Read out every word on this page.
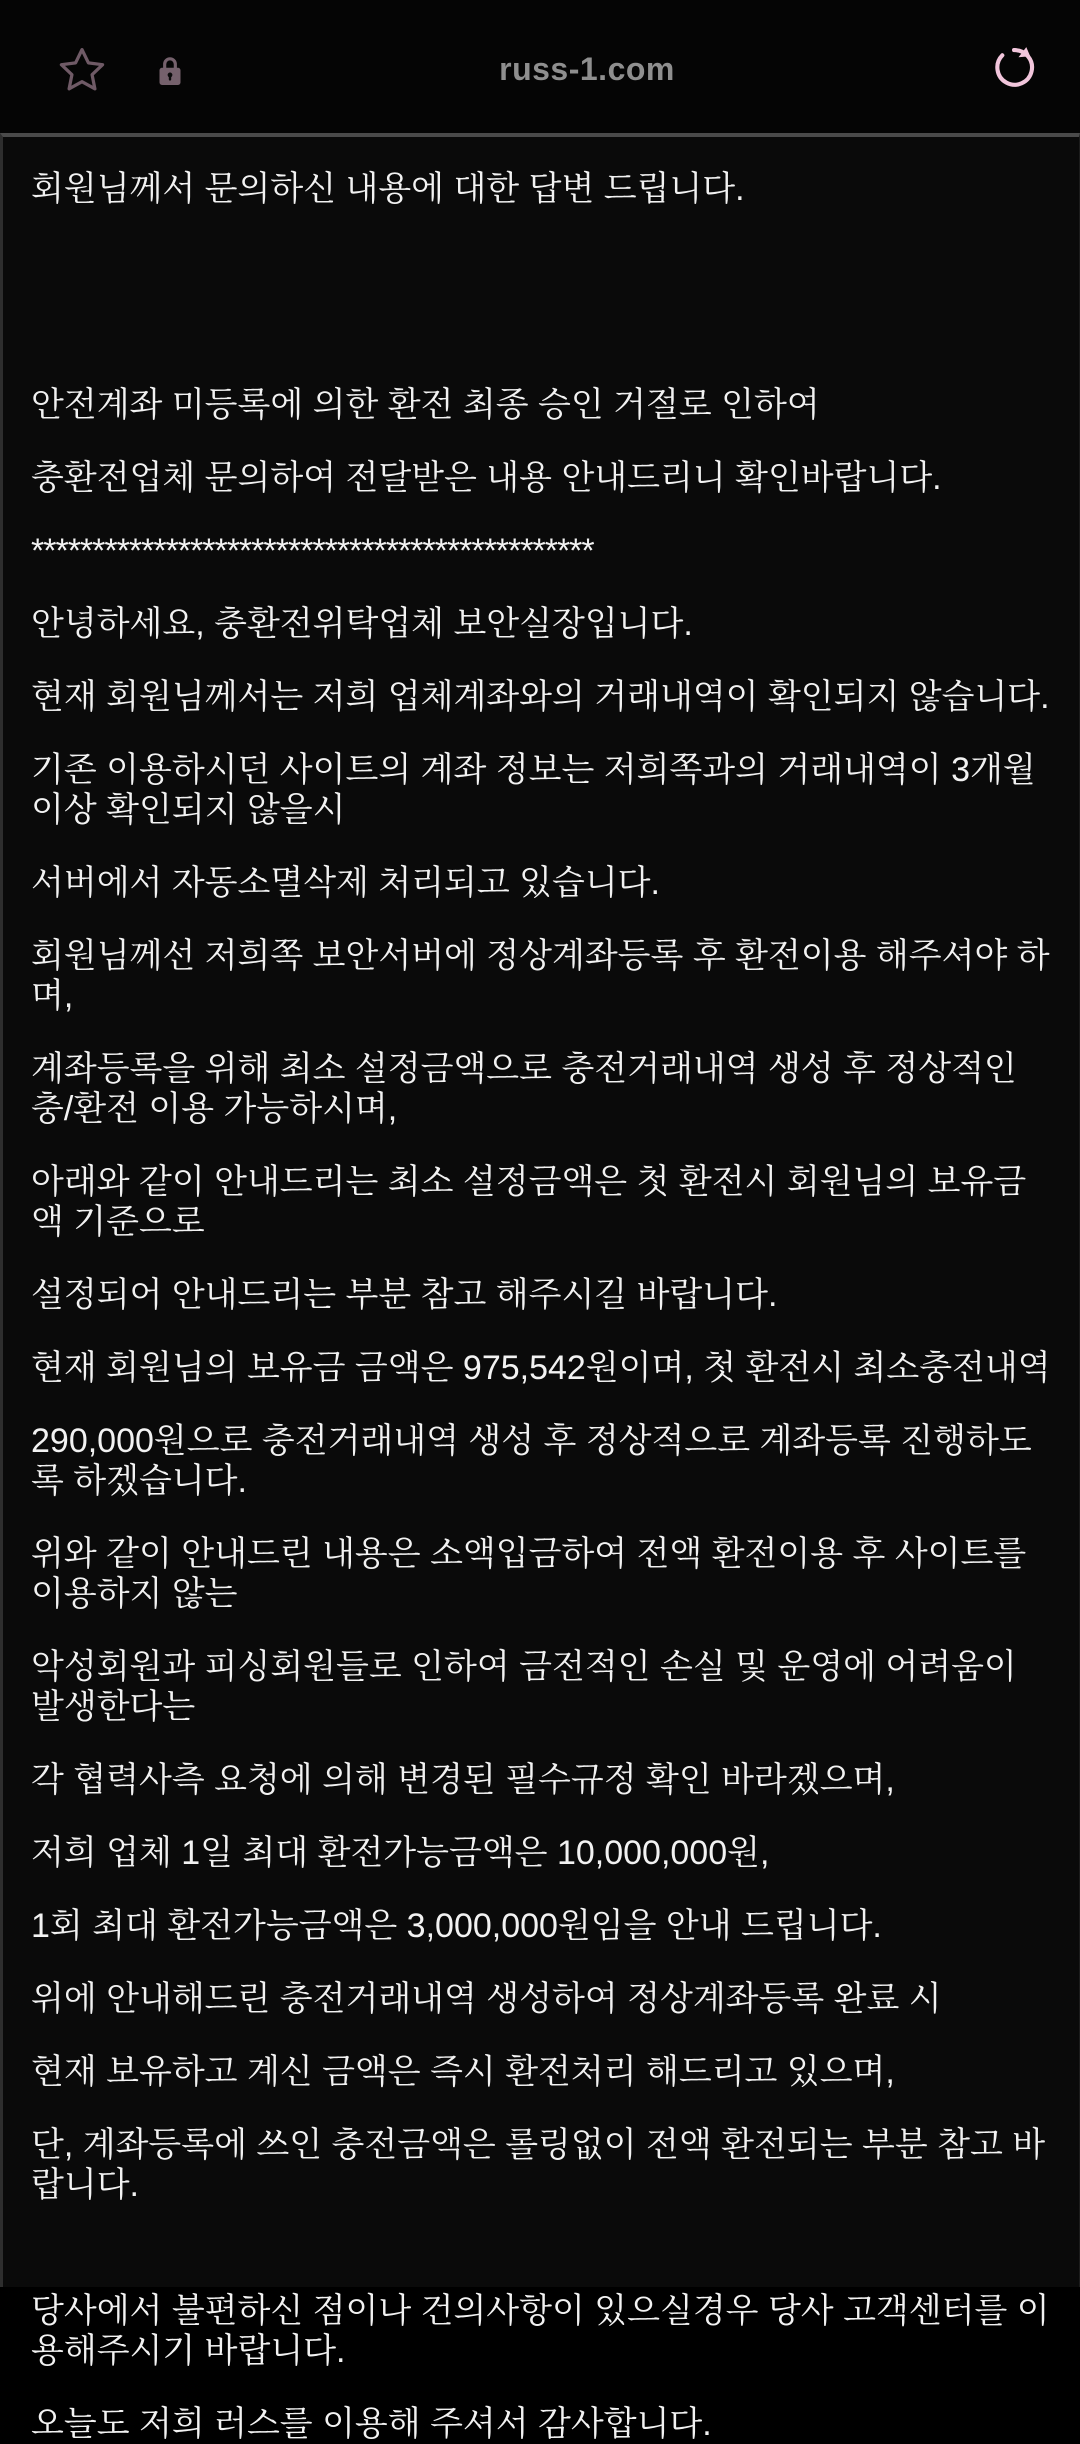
russ-1.com

회원님께서 문의하신 내용에 대한 답변 드립니다.

안전계좌 미등록에 의한 환전 최종 승인 거절로 인하여

충환전업체 문의하여 전달받은 내용 안내드리니 확인바랍니다.

**********************************************

안녕하세요, 충환전위탁업체 보안실장입니다.

현재 회원님께서는 저희 업체계좌와의 거래내역이 확인되지 않습니다.

기존 이용하시던 사이트의 계좌 정보는 저희쪽과의 거래내역이 3개월이상 확인되지 않을시

서버에서 자동소멸삭제 처리되고 있습니다.

회원님께선 저희쪽 보안서버에 정상계좌등록 후 환전이용 해주셔야 하며,

계좌등록을 위해 최소 설정금액으로 충전거래내역 생성 후 정상적인 충/환전 이용 가능하시며,

아래와 같이 안내드리는 최소 설정금액은 첫 환전시 회원님의 보유금액 기준으로

설정되어 안내드리는 부분 참고 해주시길 바랍니다.

현재 회원님의 보유금 금액은 975,542원이며, 첫 환전시 최소충전내역

290,000원으로 충전거래내역 생성 후 정상적으로 계좌등록 진행하도록 하겠습니다.

위와 같이 안내드린 내용은 소액입금하여 전액 환전이용 후 사이트를 이용하지 않는

악성회원과 피싱회원들로 인하여 금전적인 손실 및 운영에 어려움이 발생한다는

각 협력사측 요청에 의해 변경된 필수규정 확인 바라겠으며,

저희 업체 1일 최대 환전가능금액은 10,000,000원,

1회 최대 환전가능금액은 3,000,000원임을 안내 드립니다.

위에 안내해드린 충전거래내역 생성하여 정상계좌등록 완료 시

현재 보유하고 계신 금액은 즉시 환전처리 해드리고 있으며,

단, 계좌등록에 쓰인 충전금액은 롤링없이 전액 환전되는 부분 참고 바랍니다.

당사에서 불편하신 점이나 건의사항이 있으실경우 당사 고객센터를 이용해주시기 바랍니다.

오늘도 저희 러스를 이용해 주셔서 감사합니다.
